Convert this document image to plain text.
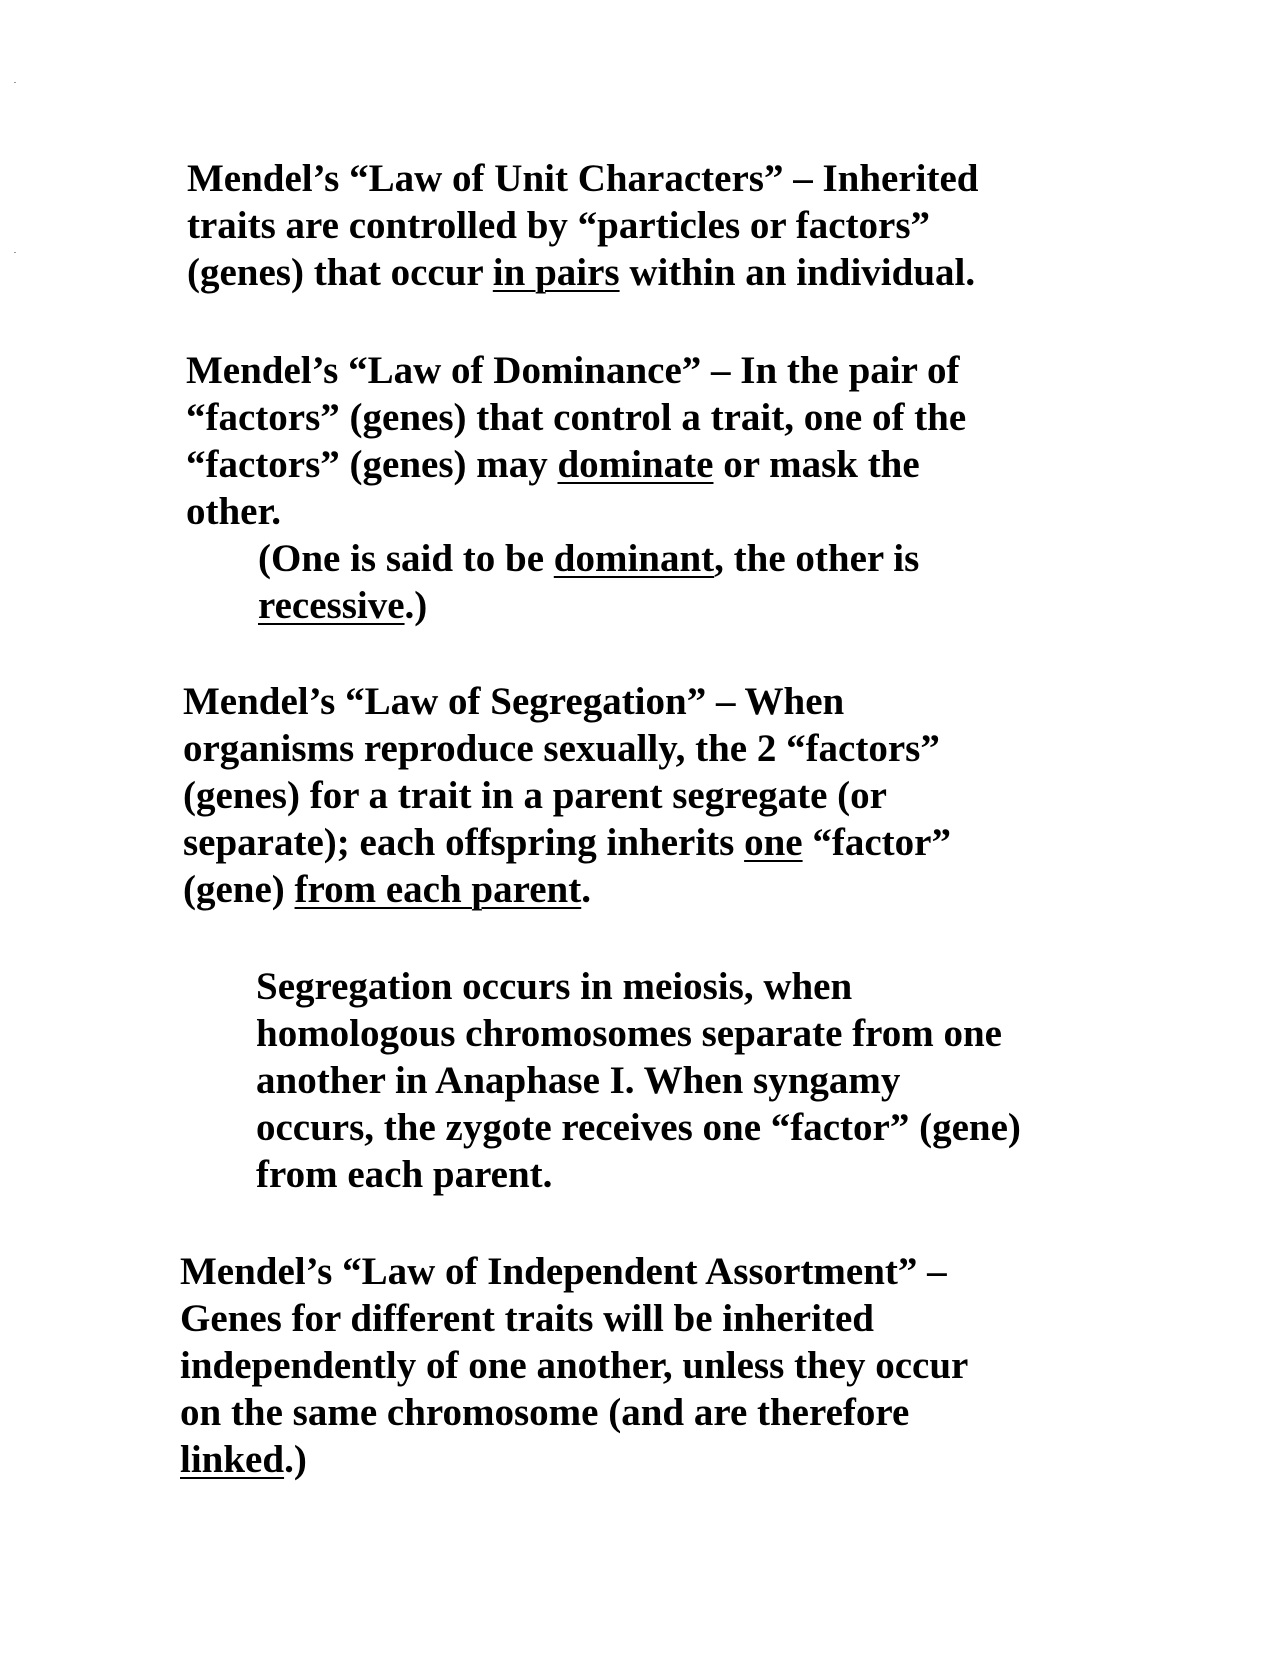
Mendel’s “Law of Unit Characters” – Inherited
traits are controlled by “particles or factors”
(genes) that occur in pairs within an individual.

Mendel’s “Law of Dominance” – In the pair of
“factors” (genes) that control a trait, one of the
“factors” (genes) may dominate or mask the
other.

(One is said to be dominant, the other is
recessive.)

Mendel’s “Law of Segregation” – When
organisms reproduce sexually, the 2 “factors”
(genes) for a trait in a parent segregate (or
separate); each offspring inherits one “factor”
(gene) from each parent.

Segregation occurs in meiosis, when
homologous chromosomes separate from one
another in Anaphase I. When syngamy
occurs, the zygote receives one “factor” (gene)
from each parent.

Mendel’s “Law of Independent Assortment” –
Genes for different traits will be inherited
independently of one another, unless they occur
on the same chromosome (and are therefore
linked.)
